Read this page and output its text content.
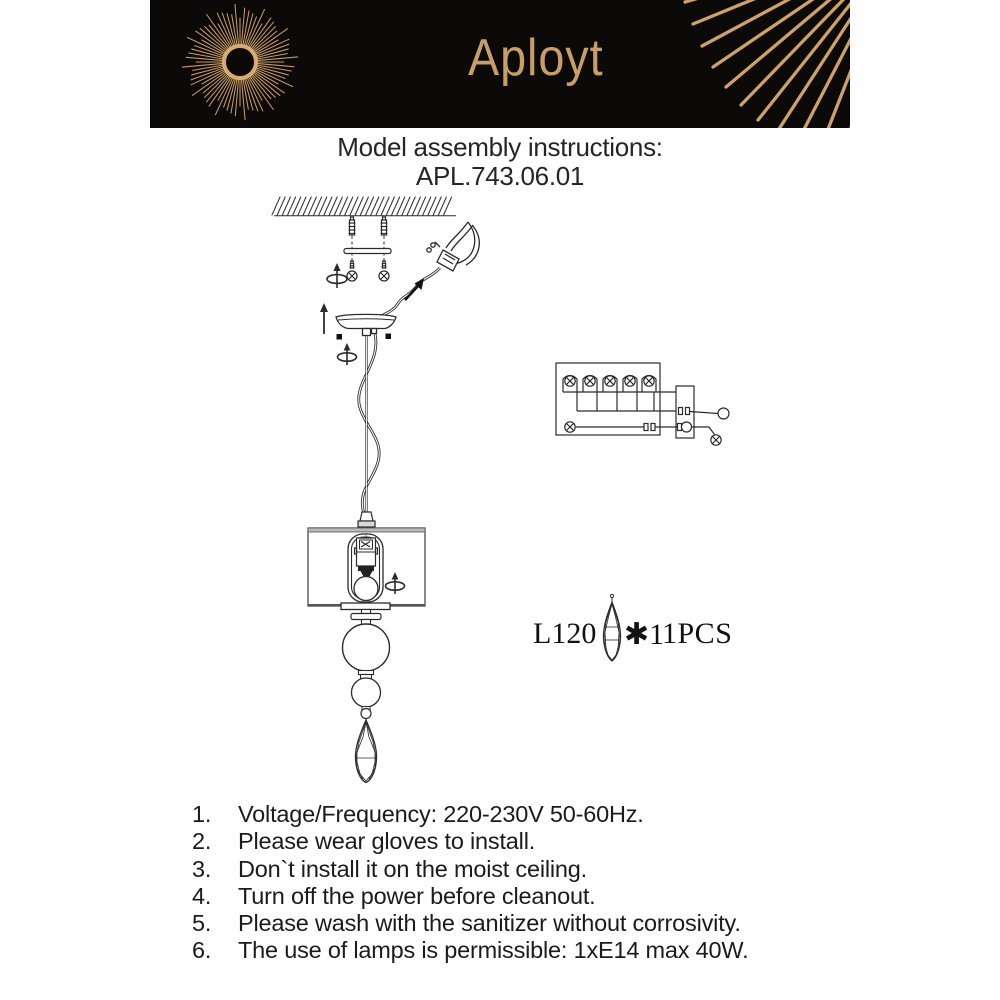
Aployt
Model assembly instructions:
APL.743.06.01
L120 ✱1
1PCS
1.	Voltage/Frequency: 220-230V 50-60Hz.
2.	Please wear gloves to install.
3.	Don`t install it on the moist ceiling.
4.	Turn off the power before cleanout.
5.	Please wash with the sanitizer without corrosivity.
6.	The use of lamps is permissible: 1xE14 max 40W.
